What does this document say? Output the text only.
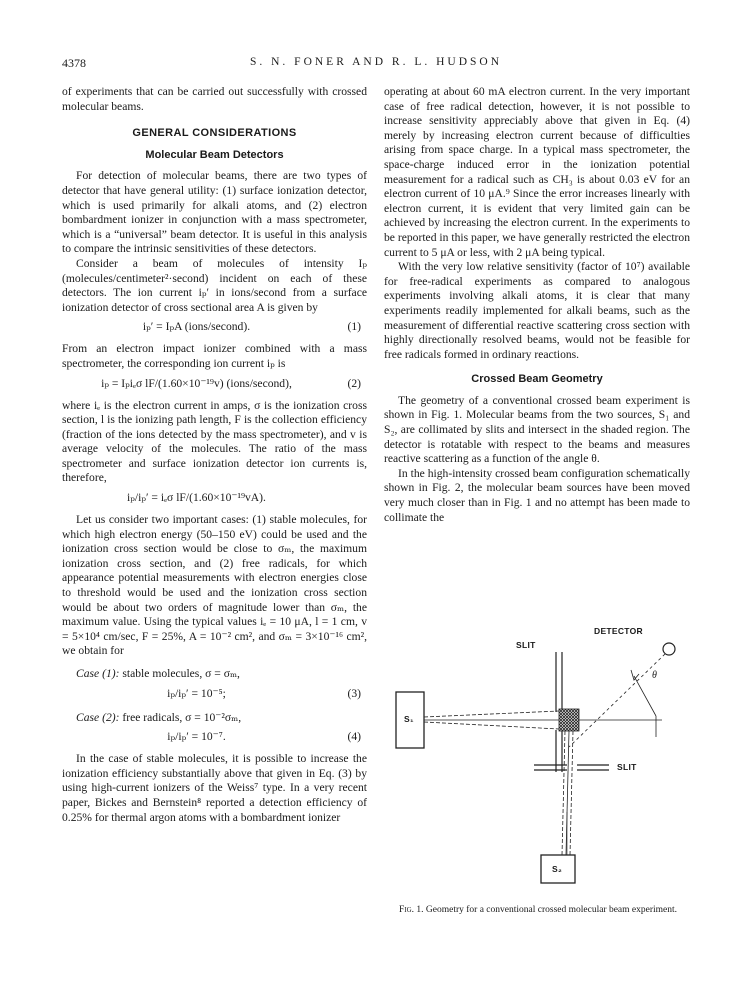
4378	S. N. FONER AND R. L. HUDSON

of experiments that can be carried out successfully with crossed molecular beams.

GENERAL CONSIDERATIONS
Molecular Beam Detectors

For detection of molecular beams, there are two types of detector that have general utility: (1) surface ionization detector, which is used primarily for alkali atoms, and (2) electron bombardment ionizer in conjunction with a mass spectrometer, which is a “universal” beam detector. It is useful in this analysis to compare the intrinsic sensitivities of these detectors.

Consider a beam of molecules of intensity Iₚ (molecules/centimeter²·second) incident on each of these detectors. The ion current iₚ′ in ions/second from a surface ionization detector of cross sectional area A is given by

iₚ′ = IₚA (ions/second).	(1)

From an electron impact ionizer combined with a mass spectrometer, the corresponding ion current iₚ is

iₚ = Iₚiₑσ lF/(1.60×10⁻¹⁹v) (ions/second),	(2)

where iₑ is the electron current in amps, σ is the ionization cross section, l is the ionizing path length, F is the collection efficiency (fraction of the ions detected by the mass spectrometer), and v is average velocity of the molecules. The ratio of the mass spectrometer and surface ionization detector ion currents is, therefore,

iₚ/iₚ′ = iₑσ lF/(1.60×10⁻¹⁹vA).

Let us consider two important cases: (1) stable molecules, for which high electron energy (50–150 eV) could be used and the ionization cross section would be close to σₘ, the maximum ionization cross section, and (2) free radicals, for which appearance potential measurements with electron energies close to threshold would be used and the ionization cross section would be about two orders of magnitude lower than σₘ, the maximum value. Using the typical values iₑ = 10 μA, l = 1 cm, v = 5×10⁴ cm/sec, F = 25%, A = 10⁻² cm², and σₘ = 3×10⁻¹⁶ cm², we obtain for

Case (1): stable molecules, σ = σₘ,
iₚ/iₚ′ = 10⁻⁵;	(3)
Case (2): free radicals, σ = 10⁻²σₘ,
iₚ/iₚ′ = 10⁻⁷.	(4)

In the case of stable molecules, it is possible to increase the ionization efficiency substantially above that given in Eq. (3) by using high-current ionizers of the Weiss⁷ type. In a very recent paper, Bickes and Bernstein⁸ reported a detection efficiency of 0.25% for thermal argon atoms with a bombardment ionizer

operating at about 60 mA electron current. In the very important case of free radical detection, however, it is not possible to increase sensitivity appreciably above that given in Eq. (4) merely by increasing electron current because of difficulties arising from space charge. In a typical mass spectrometer, the space-charge induced error in the ionization potential measurement for a radical such as CH₃ is about 0.03 eV for an electron current of 10 μA.⁹ Since the error increases linearly with electron current, it is evident that very limited gain can be achieved by increasing the electron current. In the experiments to be reported in this paper, we have generally restricted the electron current to 5 μA or less, with 2 μA being typical.

With the very low relative sensitivity (factor of 10⁷) available for free-radical experiments as compared to analogous experiments involving alkali atoms, it is clear that many experiments readily implemented for alkali beams, such as the measurement of differential reactive scattering cross section with highly directionally resolved beams, would not be feasible for free radicals formed in ordinary reactions.

Crossed Beam Geometry

The geometry of a conventional crossed beam experiment is shown in Fig. 1. Molecular beams from the two sources, S₁ and S₂, are collimated by slits and intersect in the shaded region. The detector is rotatable with respect to the beams and measures reactive scattering as a function of the angle θ.

In the high-intensity crossed beam configuration schematically shown in Fig. 2, the molecular beam sources have been moved very much closer than in Fig. 1 and no attempt has been made to collimate the

DETECTOR
SLIT
SLIT
S₁
S₂
θ
Fig. 1. Geometry for a conventional crossed molecular beam experiment.
